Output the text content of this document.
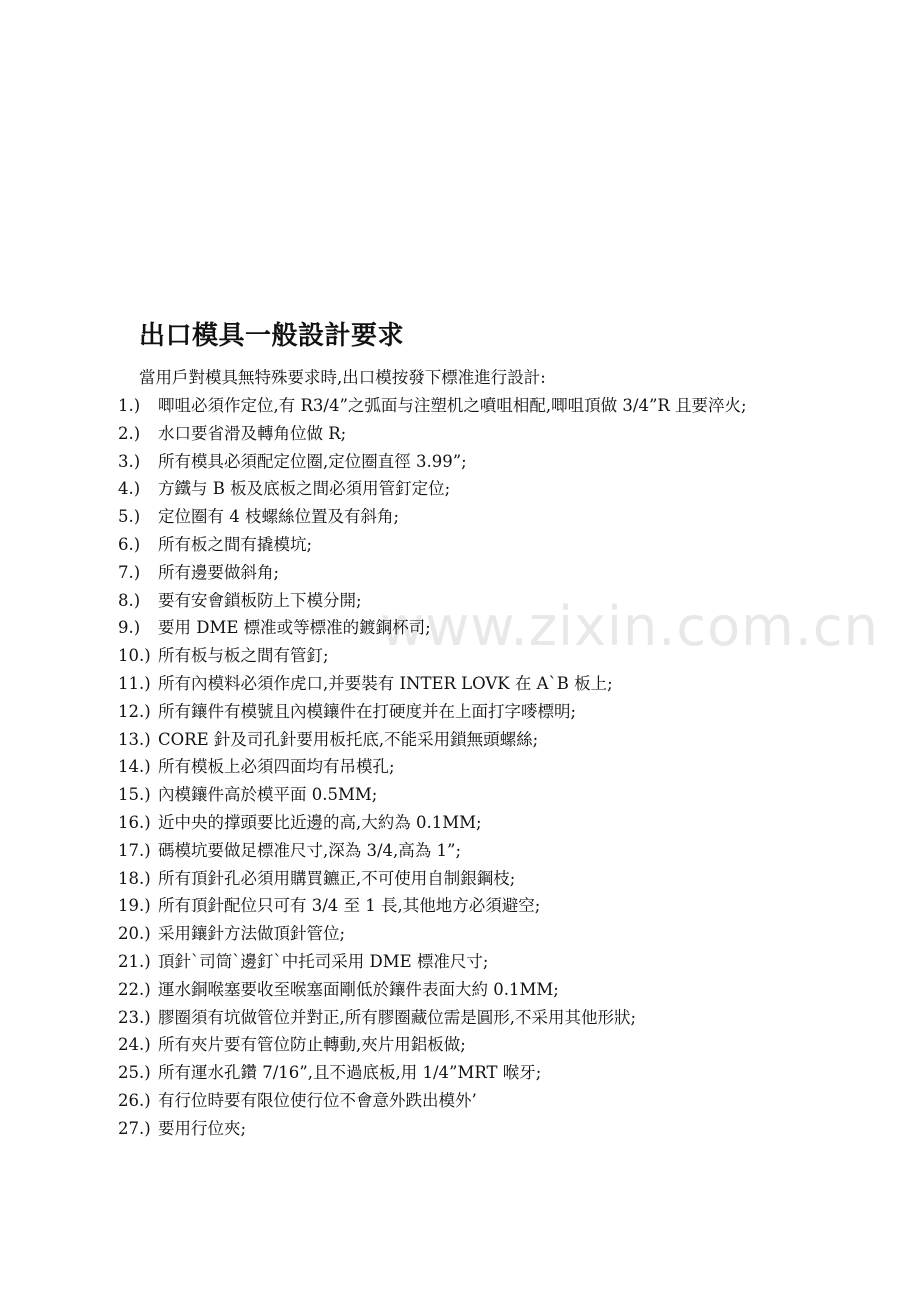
www.zixin.com.cn
出口模具一般設計要求

當用戶對模具無特殊要求時,出口模按發下標准進行設計:

1.)	唧咀必須作定位,有 R3/4”之弧面与注塑机之噴咀相配,唧咀頂做 3/4”R 且要淬火;
2.)	水口要省滑及轉角位做 R;
3.)	所有模具必須配定位圈,定位圈直徑 3.99”;
4.)	方鐵与 B 板及底板之間必須用管釘定位;
5.)	定位圈有 4 枝螺絲位置及有斜角;
6.)	所有板之間有撬模坑;
7.)	所有邊要做斜角;
8.)	要有安會鎖板防上下模分開;
9.)	要用 DME 標准或等標准的鍍銅杯司;
10.) 所有板与板之間有管釘;
11.) 所有內模料必須作虎口,并要裝有 INTER LOVK 在 A`B 板上;
12.) 所有鑲件有模號且內模鑲件在打硬度并在上面打字嘜標明;
13.) CORE 針及司孔針要用板托底,不能采用鎖無頭螺絲;
14.) 所有模板上必須四面均有吊模孔;
15.) 內模鑲件高於模平面 0.5MM;
16.) 近中央的撑頭要比近邊的高,大約為 0.1MM;
17.) 碼模坑要做足標准尺寸,深為 3/4,高為 1”;
18.) 所有頂針孔必須用購買鑣正,不可使用自制銀鋼枝;
19.) 所有頂針配位只可有 3/4 至 1 長,其他地方必須避空;
20.) 采用鑲針方法做頂針管位;
21.) 頂針`司筒`邊釘`中托司采用 DME 標准尺寸;
22.) 運水銅喉塞要收至喉塞面剛低於鑲件表面大約 0.1MM;
23.) 膠圈須有坑做管位并對正,所有膠圈藏位需是圓形,不采用其他形狀;
24.) 所有夾片要有管位防止轉動,夾片用鋁板做;
25.) 所有運水孔鑽 7/16”,且不過底板,用 1/4”MRT 喉牙;
26.) 有行位時要有限位使行位不會意外跌出模外’
27.) 要用行位夾;
